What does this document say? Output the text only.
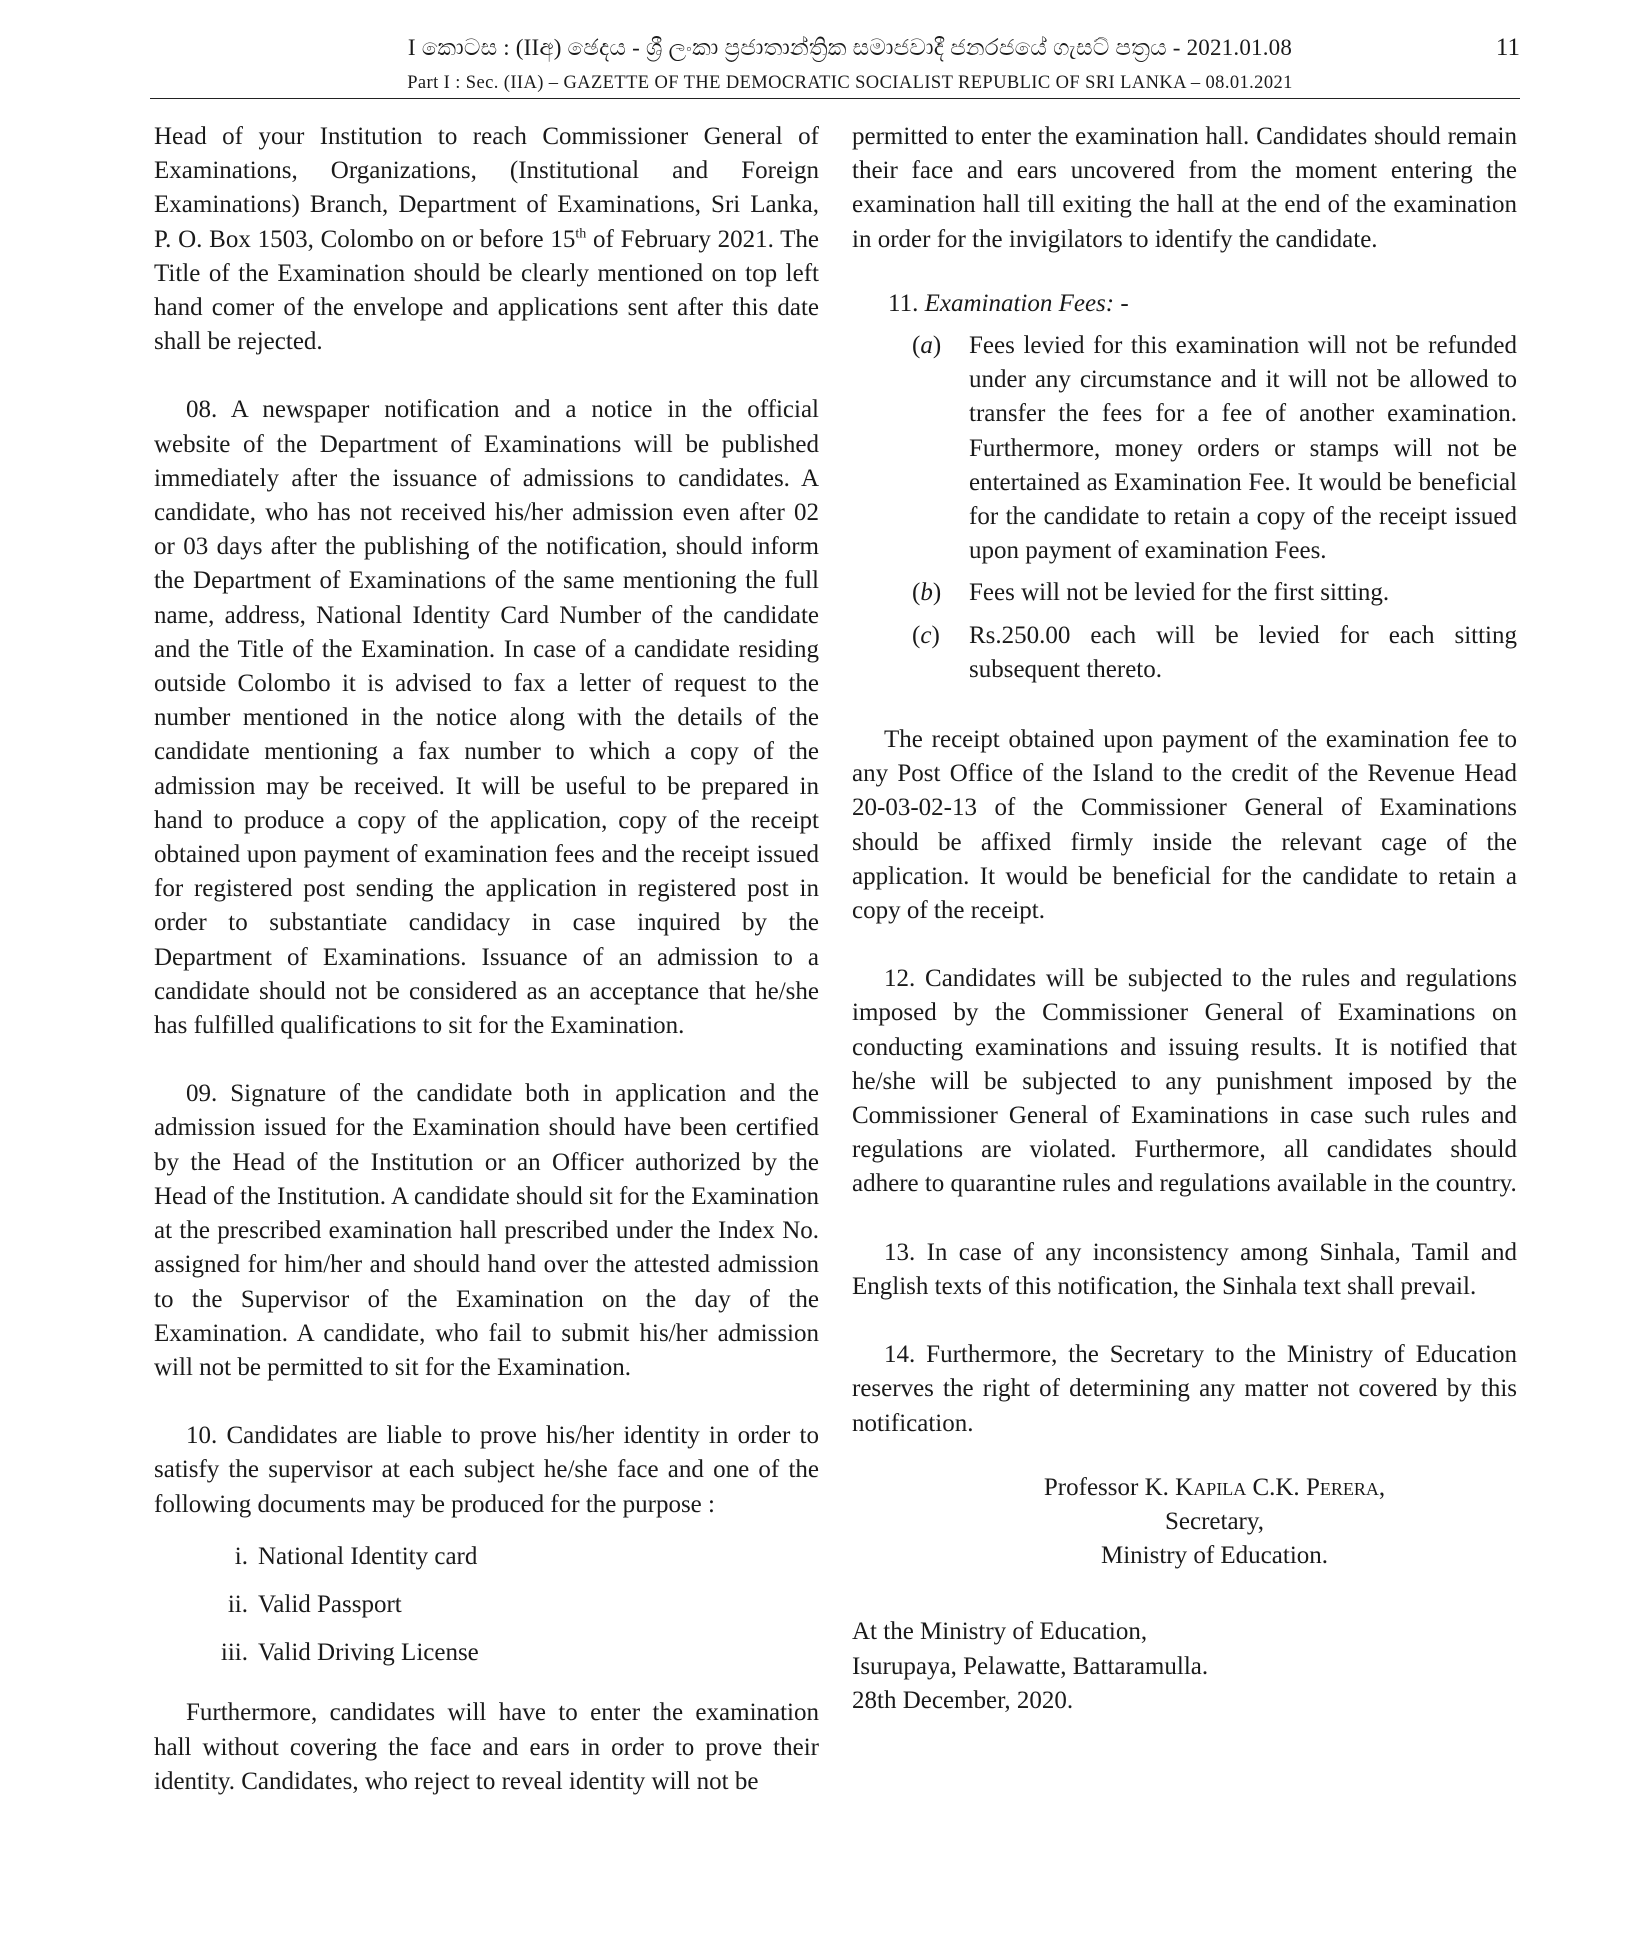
I කොටස : (IIඅ) ඡෙදය - ශ්‍රී ලංකා ප්‍රජාතාන්ත්‍රික සමාජවාදී ජනරජයේ ගැසට් පත්‍රය - 2021.01.08	11
Part I : Sec. (IIA) – GAZETTE OF THE DEMOCRATIC SOCIALIST REPUBLIC OF SRI LANKA – 08.01.2021

Head of your Institution to reach Commissioner General of Examinations, Organizations, (Institutional and Foreign Examinations) Branch, Department of Examinations, Sri Lanka, P. O. Box 1503, Colombo on or before 15th of February 2021. The Title of the Examination should be clearly mentioned on top left hand comer of the envelope and applications sent after this date shall be rejected.

08. A newspaper notification and a notice in the official website of the Department of Examinations will be published immediately after the issuance of admissions to candidates. A candidate, who has not received his/her admission even after 02 or 03 days after the publishing of the notification, should inform the Department of Examinations of the same mentioning the full name, address, National Identity Card Number of the candidate and the Title of the Examination. In case of a candidate residing outside Colombo it is advised to fax a letter of request to the number mentioned in the notice along with the details of the candidate mentioning a fax number to which a copy of the admission may be received. It will be useful to be prepared in hand to produce a copy of the application, copy of the receipt obtained upon payment of examination fees and the receipt issued for registered post sending the application in registered post in order to substantiate candidacy in case inquired by the Department of Examinations. Issuance of an admission to a candidate should not be considered as an acceptance that he/she has fulfilled qualifications to sit for the Examination.

09. Signature of the candidate both in application and the admission issued for the Examination should have been certified by the Head of the Institution or an Officer authorized by the Head of the Institution. A candidate should sit for the Examination at the prescribed examination hall prescribed under the Index No. assigned for him/her and should hand over the attested admission to the Supervisor of the Examination on the day of the Examination. A candidate, who fail to submit his/her admission will not be permitted to sit for the Examination.

10. Candidates are liable to prove his/her identity in order to satisfy the supervisor at each subject he/she face and one of the following documents may be produced for the purpose :

i. National Identity card
ii. Valid Passport
iii. Valid Driving License

Furthermore, candidates will have to enter the examination hall without covering the face and ears in order to prove their identity. Candidates, who reject to reveal identity will not be

permitted to enter the examination hall. Candidates should remain their face and ears uncovered from the moment entering the examination hall till exiting the hall at the end of the examination in order for the invigilators to identify the candidate.

11. Examination Fees: -
(a)	Fees levied for this examination will not be refunded under any circumstance and it will not be allowed to transfer the fees for a fee of another examination. Furthermore, money orders or stamps will not be entertained as Examination Fee. It would be beneficial for the candidate to retain a copy of the receipt issued upon payment of examination Fees.
(b)	Fees will not be levied for the first sitting.
(c)	Rs.250.00 each will be levied for each sitting subsequent thereto.

The receipt obtained upon payment of the examination fee to any Post Office of the Island to the credit of the Revenue Head 20-03-02-13 of the Commissioner General of Examinations should be affixed firmly inside the relevant cage of the application. It would be beneficial for the candidate to retain a copy of the receipt.

12. Candidates will be subjected to the rules and regulations imposed by the Commissioner General of Examinations on conducting examinations and issuing results. It is notified that he/she will be subjected to any punishment imposed by the Commissioner General of Examinations in case such rules and regulations are violated. Furthermore, all candidates should adhere to quarantine rules and regulations available in the country.

13. In case of any inconsistency among Sinhala, Tamil and English texts of this notification, the Sinhala text shall prevail.

14. Furthermore, the Secretary to the Ministry of Education reserves the right of determining any matter not covered by this notification.

Professor K. Kapila C.K. Perera,
Secretary,
Ministry of Education.
At the Ministry of Education,
Isurupaya, Pelawatte, Battaramulla.
28th December, 2020.
